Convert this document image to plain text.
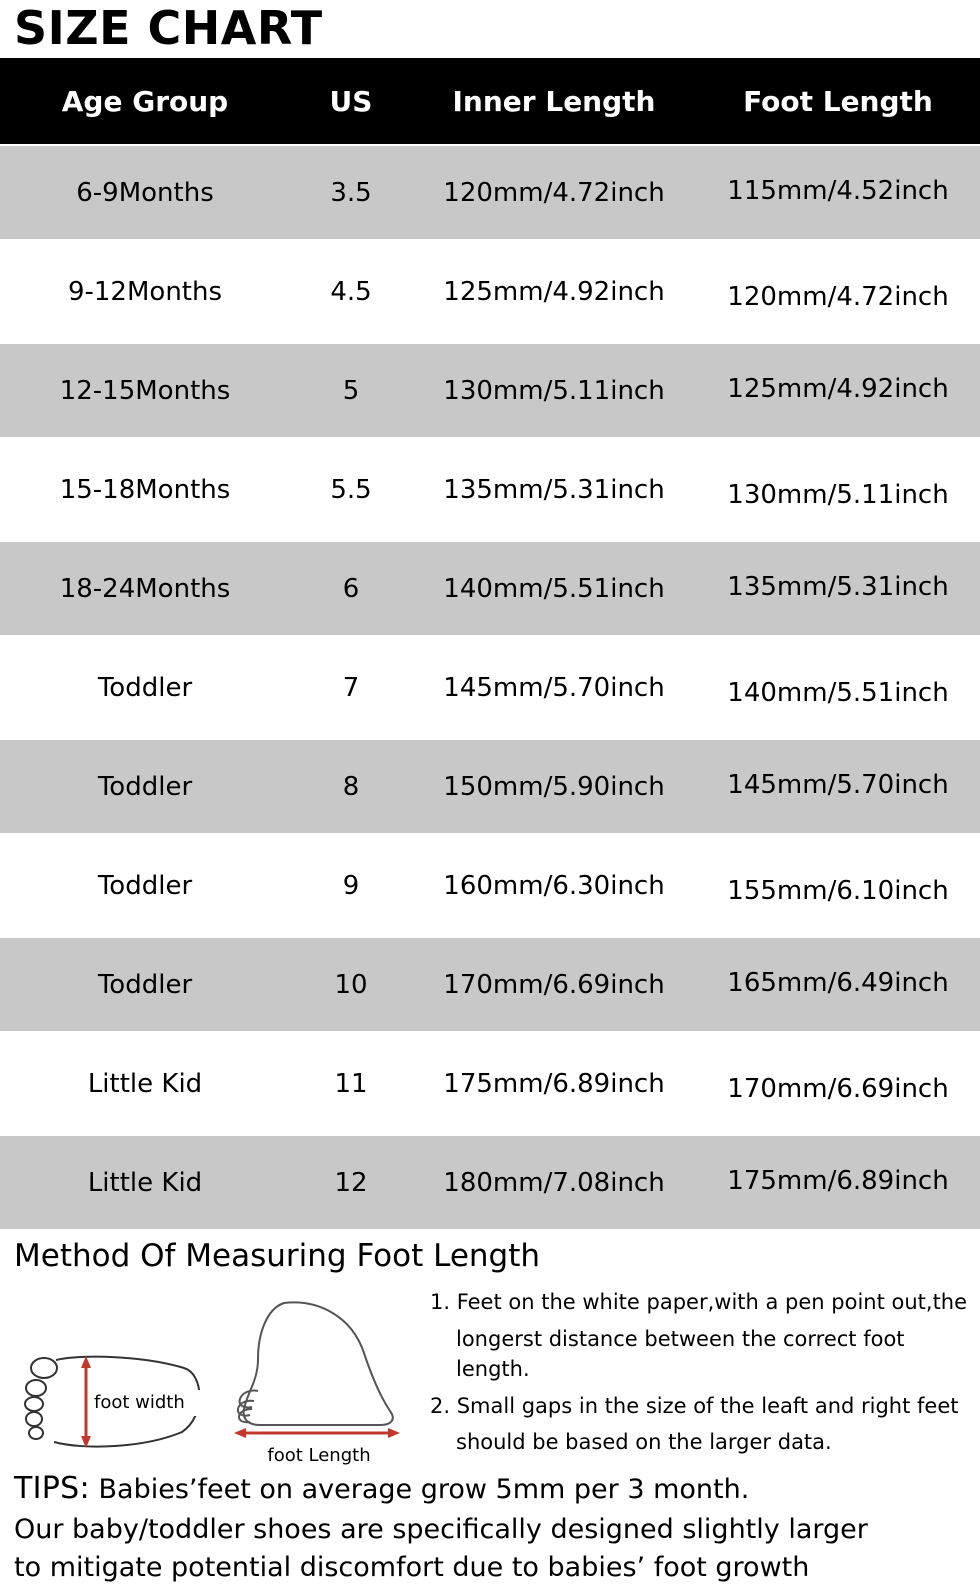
SIZE CHART
Age Group	US	Inner Length	Foot Length
6-9Months	3.5	120mm/4.72inch	115mm/4.52inch
9-12Months	4.5	125mm/4.92inch	120mm/4.72inch
12-15Months	5	130mm/5.11inch	125mm/4.92inch
15-18Months	5.5	135mm/5.31inch	130mm/5.11inch
18-24Months	6	140mm/5.51inch	135mm/5.31inch
Toddler	7	145mm/5.70inch	140mm/5.51inch
Toddler	8	150mm/5.90inch	145mm/5.70inch
Toddler	9	160mm/6.30inch	155mm/6.10inch
Toddler	10	170mm/6.69inch	165mm/6.49inch
Little Kid	11	175mm/6.89inch	170mm/6.69inch
Little Kid	12	180mm/7.08inch	175mm/6.89inch
Method Of Measuring Foot Length
foot width
foot Length

1. Feet on the white paper,with a pen point out,the

longerst distance between the correct foot length.

2. Small gaps in the size of the leaft and right feet

should be based on the larger data.

TIPS: Babies’feet on average grow 5mm per 3 month.
Our baby/toddler shoes are specifically designed slightly larger
to mitigate potential discomfort due to babies’ foot growth
